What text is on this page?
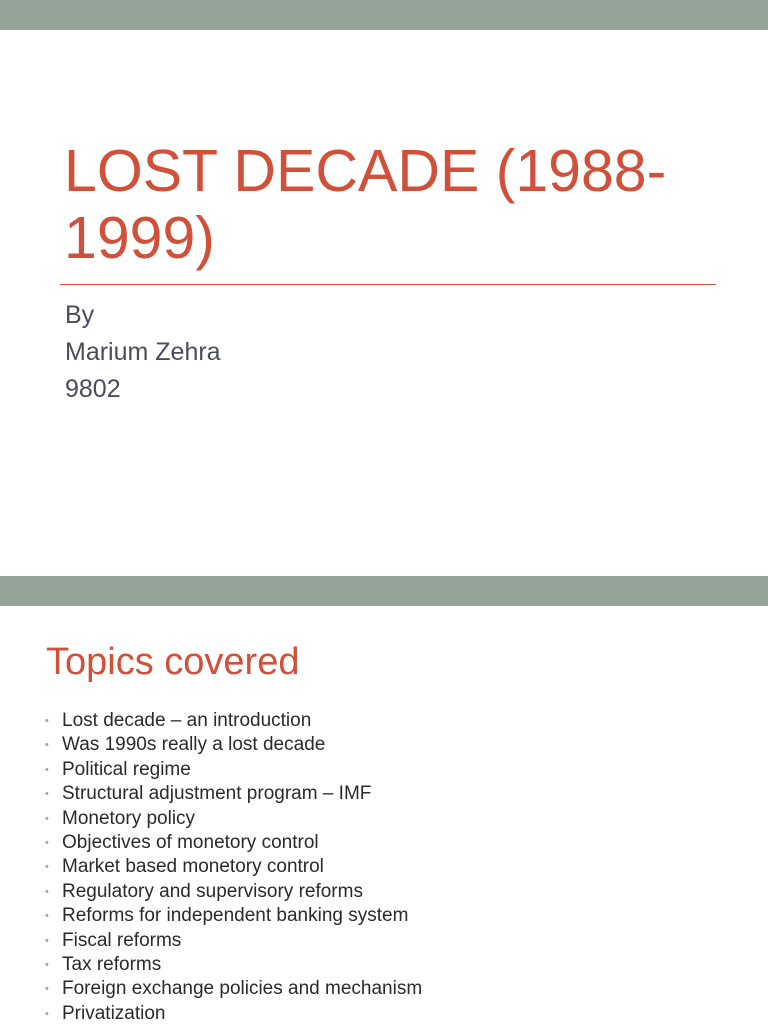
LOST DECADE (1988-1999)
By
Marium Zehra
9802
Topics covered
• Lost decade – an introduction
• Was 1990s really a lost decade
• Political regime
• Structural adjustment program – IMF
• Monetory policy
• Objectives of monetory control
• Market based monetory control
• Regulatory and supervisory reforms
• Reforms for independent banking system
• Fiscal reforms
• Tax reforms
• Foreign exchange policies and mechanism
• Privatization
